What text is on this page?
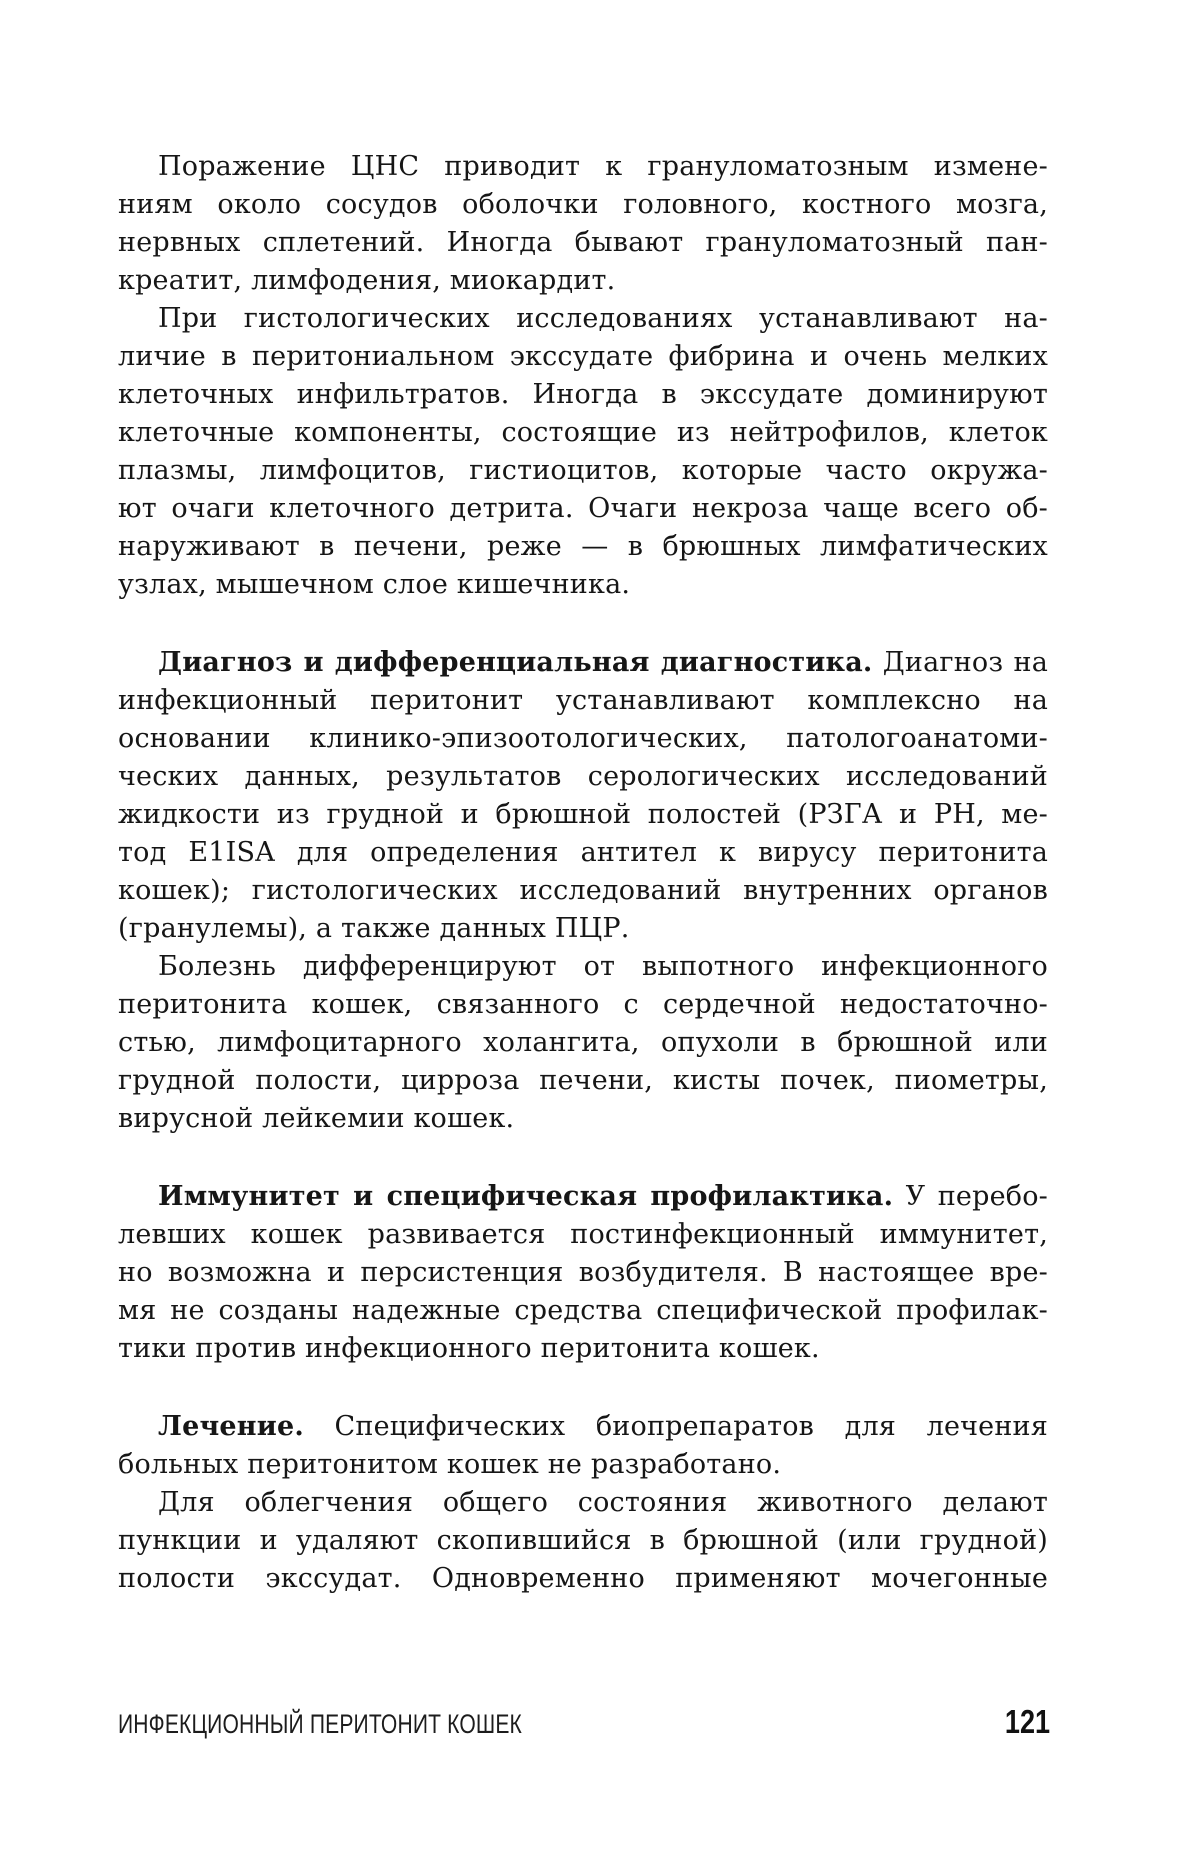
Поражение ЦНС приводит к грануломатозным измене-
ниям около сосудов оболочки головного, костного мозга,
нервных сплетений. Иногда бывают грануломатозный пан-
креатит, лимфодения, миокардит.
При гистологических исследованиях устанавливают на-
личие в перитониальном экссудате фибрина и очень мелких
клеточных инфильтратов. Иногда в экссудате доминируют
клеточные компоненты, состоящие из нейтрофилов, клеток
плазмы, лимфоцитов, гистиоцитов, которые часто окружа-
ют очаги клеточного детрита. Очаги некроза чаще всего об-
наруживают в печени, реже — в брюшных лимфатических
узлах, мышечном слое кишечника.
Диагноз и дифференциальная диагностика. Диагноз на
инфекционный перитонит устанавливают комплексно на
основании клинико-эпизоотологических, патологоанатоми-
ческих данных, результатов серологических исследований
жидкости из грудной и брюшной полостей (РЗГА и РН, ме-
тод Е1ISA для определения антител к вирусу перитонита
кошек); гистологических исследований внутренних органов
(гранулемы), а также данных ПЦР.
Болезнь дифференцируют от выпотного инфекционного
перитонита кошек, связанного с сердечной недостаточно-
стью, лимфоцитарного холангита, опухоли в брюшной или
грудной полости, цирроза печени, кисты почек, пиометры,
вирусной лейкемии кошек.
Иммунитет и специфическая профилактика. У перебо-
левших кошек развивается постинфекционный иммунитет,
но возможна и персистенция возбудителя. В настоящее вре-
мя не созданы надежные средства специфической профилак-
тики против инфекционного перитонита кошек.
Лечение. Специфических биопрепаратов для лечения
больных перитонитом кошек не разработано.
Для облегчения общего состояния животного делают
пункции и удаляют скопившийся в брюшной (или грудной)
полости экссудат. Одновременно применяют мочегонные
ИНФЕКЦИОННЫЙ ПЕРИТОНИТ КОШЕК	121
